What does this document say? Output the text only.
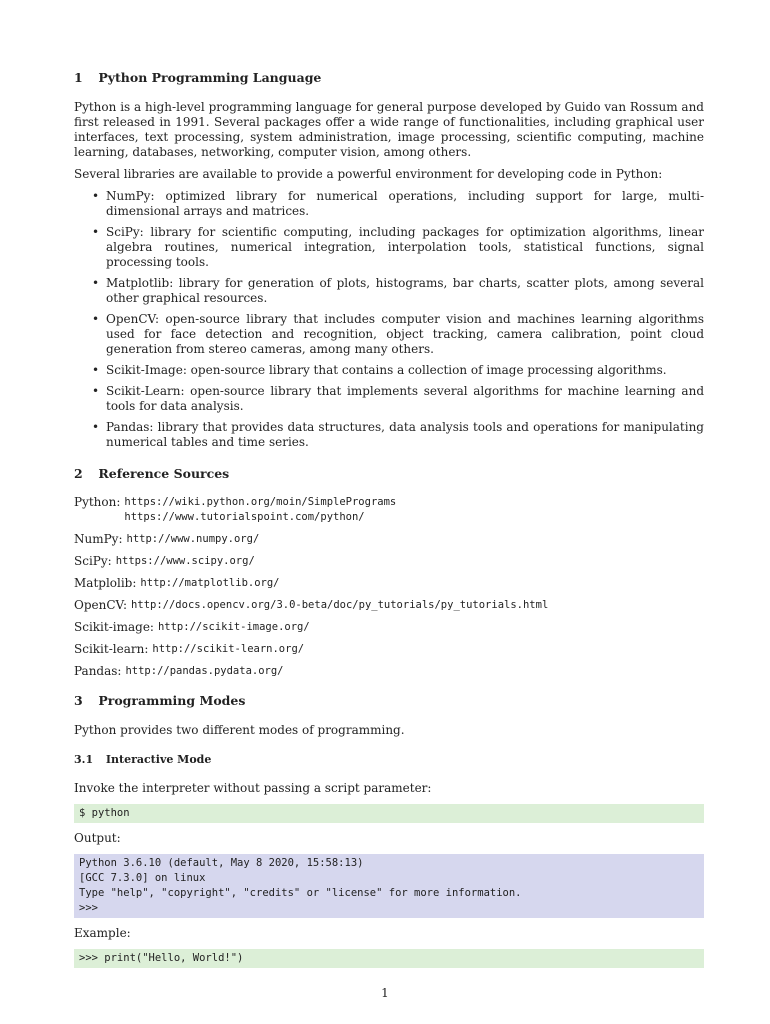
1 Python Programming Language

Python is a high-level programming language for general purpose developed by Guido van Rossum and first released in 1991. Several packages offer a wide range of functionalities, including graphical user interfaces, text processing, system administration, image processing, scientific computing, machine learning, databases, networking, computer vision, among others.

Several libraries are available to provide a powerful environment for developing code in Python:

• NumPy: optimized library for numerical operations, including support for large, multi-dimensional arrays and matrices.
• SciPy: library for scientific computing, including packages for optimization algorithms, linear algebra routines, numerical integration, interpolation tools, statistical functions, signal processing tools.
• Matplotlib: library for generation of plots, histograms, bar charts, scatter plots, among several other graphical resources.
• OpenCV: open-source library that includes computer vision and machines learning algorithms used for face detection and recognition, object tracking, camera calibration, point cloud generation from stereo cameras, among many others.
• Scikit-Image: open-source library that contains a collection of image processing algorithms.
• Scikit-Learn: open-source library that implements several algorithms for machine learning and tools for data analysis.
• Pandas: library that provides data structures, data analysis tools and operations for manipulating numerical tables and time series.
2 Reference Sources
Python: https://wiki.python.org/moin/SimplePrograms
https://www.tutorialspoint.com/python/
NumPy: http://www.numpy.org/
SciPy: https://www.scipy.org/
Matplolib: http://matplotlib.org/
OpenCV: http://docs.opencv.org/3.0-beta/doc/py_tutorials/py_tutorials.html
Scikit-image: http://scikit-image.org/
Scikit-learn: http://scikit-learn.org/
Pandas: http://pandas.pydata.org/
3 Programming Modes

Python provides two different modes of programming.

3.1 Interactive Mode

Invoke the interpreter without passing a script parameter:

$ python

Output:

Python 3.6.10 (default, May 8 2020, 15:58:13)
[GCC 7.3.0] on linux
Type "help", "copyright", "credits" or "license" for more information.
>>>

Example:

>>> print("Hello, World!")
1
